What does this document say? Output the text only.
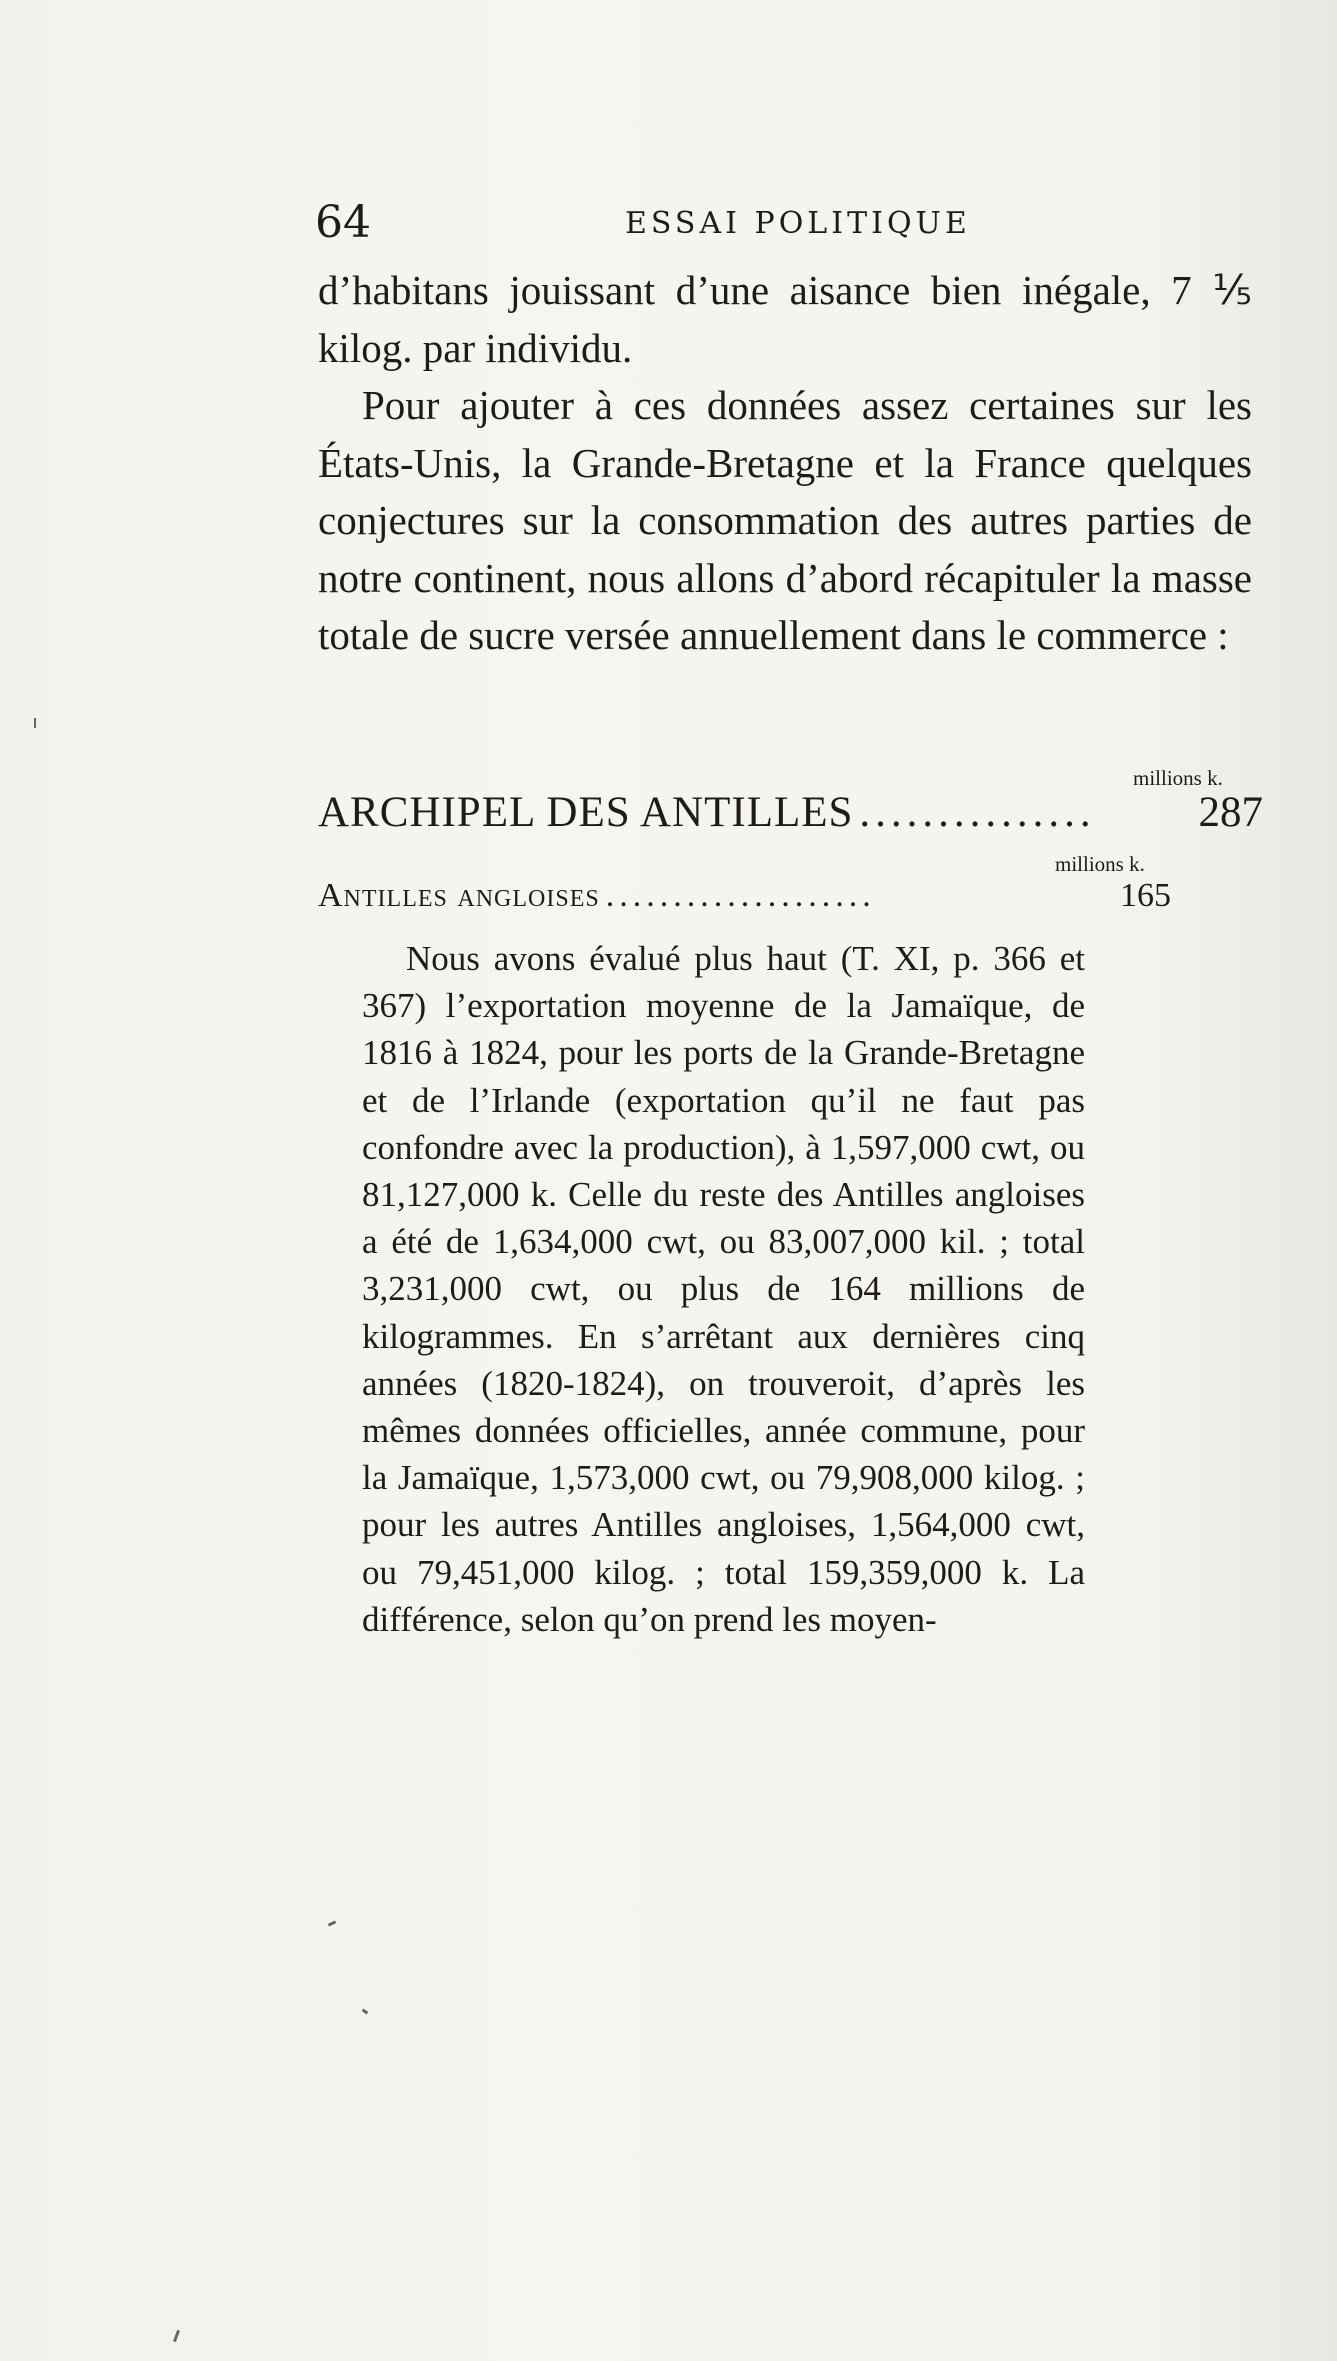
64	ESSAI POLITIQUE

d’habitans jouissant d’une aisance bien inégale, 7 ⅕ kilog. par individu.

Pour ajouter à ces données assez certaines sur les États-Unis, la Grande-Bretagne et la France quelques conjectures sur la consommation des autres parties de notre continent, nous allons d’abord récapituler la masse totale de sucre versée annuellement dans le commerce :

millions k.
ARCHIPEL DES ANTILLES ...............	287
millions k.
Antilles angloises ....................	165

Nous avons évalué plus haut (T. XI, p. 366 et 367) l’exportation moyenne de la Jamaïque, de 1816 à 1824, pour les ports de la Grande-Bretagne et de l’Irlande (exportation qu’il ne faut pas confondre avec la production), à 1,597,000 cwt, ou 81,127,000 k. Celle du reste des Antilles angloises a été de 1,634,000 cwt, ou 83,007,000 kil. ; total 3,231,000 cwt, ou plus de 164 millions de kilogrammes. En s’arrêtant aux dernières cinq années (1820-1824), on trouveroit, d’après les mêmes données officielles, année commune, pour la Jamaïque, 1,573,000 cwt, ou 79,908,000 kilog. ; pour les autres Antilles angloises, 1,564,000 cwt, ou 79,451,000 kilog. ; total 159,359,000 k. La différence, selon qu’on prend les moyen-
